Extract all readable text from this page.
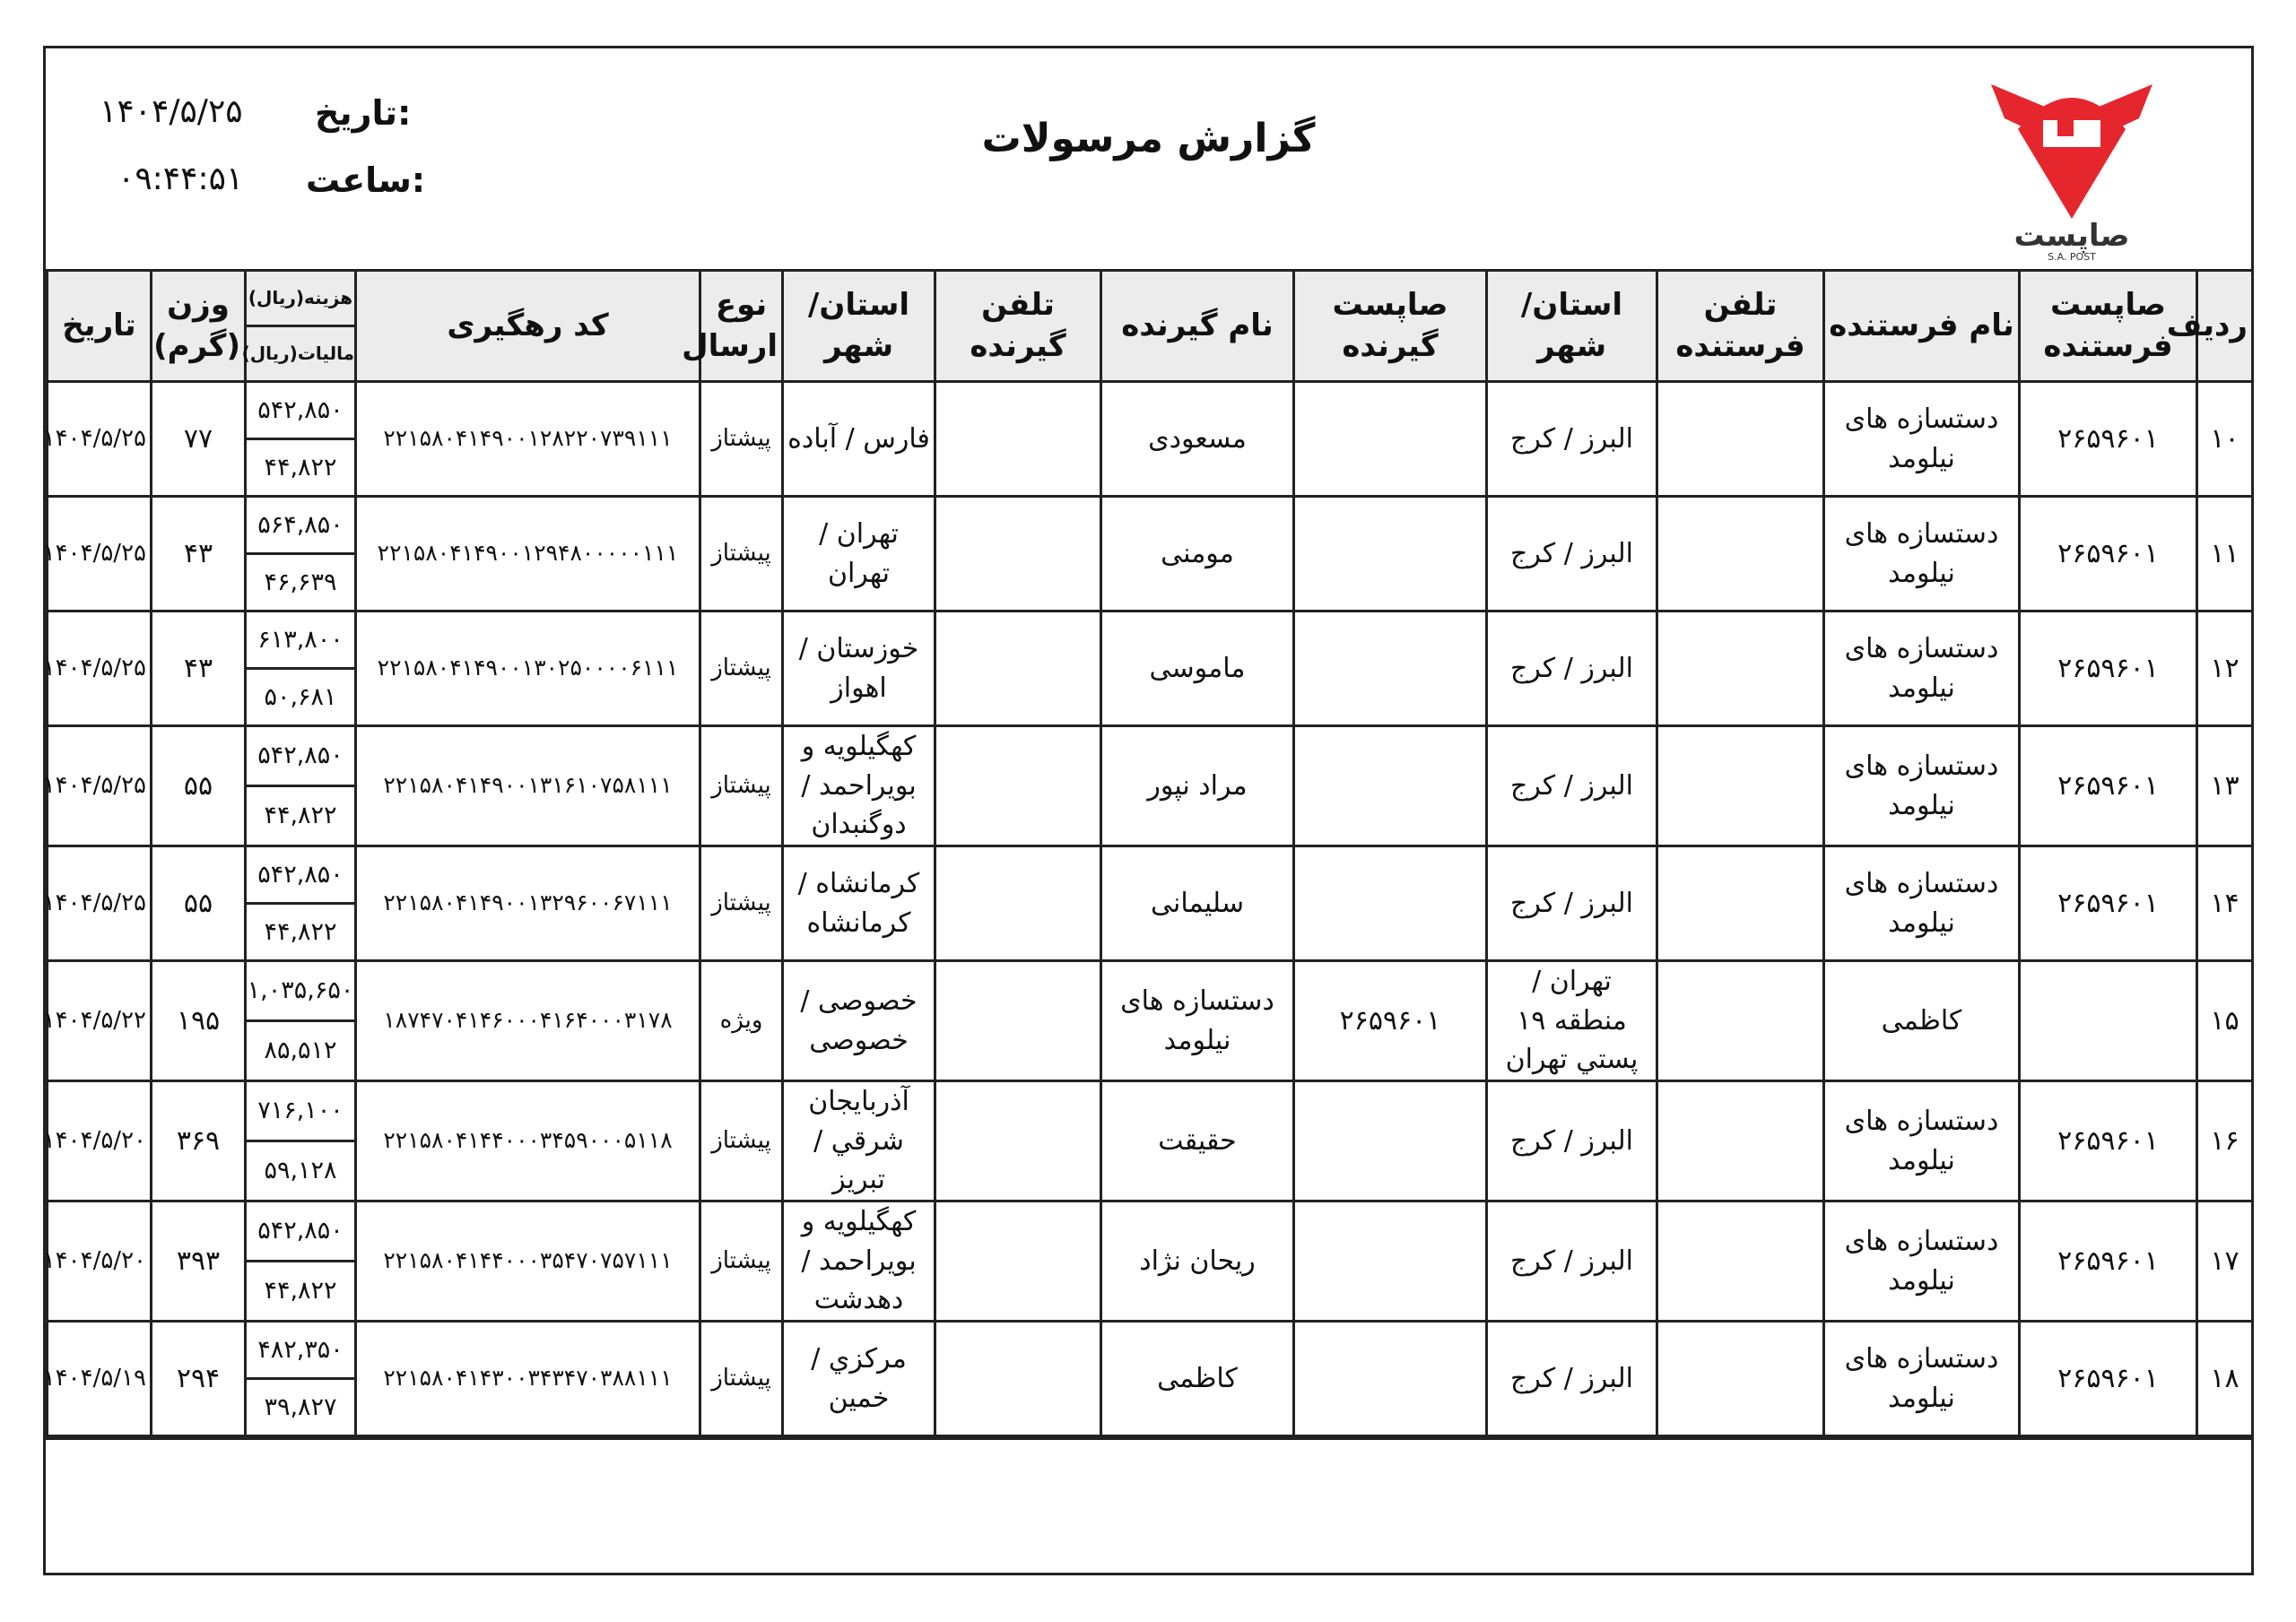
صاپست
S.A. POST
گزارش مرسولات
تاریخ:
۱۴۰۴/۵/۲۵
ساعت:
۰۹:۴۴:۵۱
ردیف	صاپست فرستنده	نام فرستنده	تلفن فرستنده	استان/ شهر	صاپست گیرنده	نام گیرنده	تلفن گیرنده	استان/ شهر	نوع ارسال	کد رهگیری	هزینه(ریال)	وزن (گرم)	تاریخ
											مالیات(ریال)		
۱۰	۲۶۵۹۶۰۱	دستسازه های نیلومد		البرز / کرج		مسعودی		فارس / آباده	پیشتاز	۲۲۱۵۸۰۴۱۴۹۰۰۱۲۸۲۲۰۷۳۹۱۱۱	۵۴۲,۸۵۰	۷۷	۱۴۰۴/۵/۲۵
											۴۴,۸۲۲		
۱۱	۲۶۵۹۶۰۱	دستسازه های نیلومد		البرز / کرج		مومنی		تهران / تهران	پیشتاز	۲۲۱۵۸۰۴۱۴۹۰۰۱۲۹۴۸۰۰۰۰۰۱۱۱	۵۶۴,۸۵۰	۴۳	۱۴۰۴/۵/۲۵
											۴۶,۶۳۹		
۱۲	۲۶۵۹۶۰۱	دستسازه های نیلومد		البرز / کرج		ماموسی		خوزستان / اهواز	پیشتاز	۲۲۱۵۸۰۴۱۴۹۰۰۱۳۰۲۵۰۰۰۰۶۱۱۱	۶۱۳,۸۰۰	۴۳	۱۴۰۴/۵/۲۵
											۵۰,۶۸۱		
۱۳	۲۶۵۹۶۰۱	دستسازه های نیلومد		البرز / کرج		مراد نپور		کهگیلویه و بویراحمد / دوگنبدان	پیشتاز	۲۲۱۵۸۰۴۱۴۹۰۰۱۳۱۶۱۰۷۵۸۱۱۱	۵۴۲,۸۵۰	۵۵	۱۴۰۴/۵/۲۵
											۴۴,۸۲۲		
۱۴	۲۶۵۹۶۰۱	دستسازه های نیلومد		البرز / کرج		سلیمانی		کرمانشاه / کرمانشاه	پیشتاز	۲۲۱۵۸۰۴۱۴۹۰۰۱۳۲۹۶۰۰۶۷۱۱۱	۵۴۲,۸۵۰	۵۵	۱۴۰۴/۵/۲۵
											۴۴,۸۲۲		
۱۵		کاظمی		تهران / منطقه ۱۹ پستي تهران	۲۶۵۹۶۰۱	دستسازه های نیلومد		خصوصی / خصوصی	ویژه	۱۸۷۴۷۰۴۱۴۶۰۰۰۴۱۶۴۰۰۰۳۱۷۸	۱,۰۳۵,۶۵۰	۱۹۵	۱۴۰۴/۵/۲۲
											۸۵,۵۱۲		
۱۶	۲۶۵۹۶۰۱	دستسازه های نیلومد		البرز / کرج		حقیقت		آذربايجان شرقي / تبريز	پیشتاز	۲۲۱۵۸۰۴۱۴۴۰۰۰۳۴۵۹۰۰۰۵۱۱۸	۷۱۶,۱۰۰	۳۶۹	۱۴۰۴/۵/۲۰
											۵۹,۱۲۸		
۱۷	۲۶۵۹۶۰۱	دستسازه های نیلومد		البرز / کرج		ریحان نژاد		کهگیلویه و بویراحمد / دهدشت	پیشتاز	۲۲۱۵۸۰۴۱۴۴۰۰۰۳۵۴۷۰۷۵۷۱۱۱	۵۴۲,۸۵۰	۳۹۳	۱۴۰۴/۵/۲۰
											۴۴,۸۲۲		
۱۸	۲۶۵۹۶۰۱	دستسازه های نیلومد		البرز / کرج		کاظمی		مرکزي / خمين	پیشتاز	۲۲۱۵۸۰۴۱۴۳۰۰۳۴۳۴۷۰۳۸۸۱۱۱	۴۸۲,۳۵۰	۲۹۴	۱۴۰۴/۵/۱۹
											۳۹,۸۲۷		
